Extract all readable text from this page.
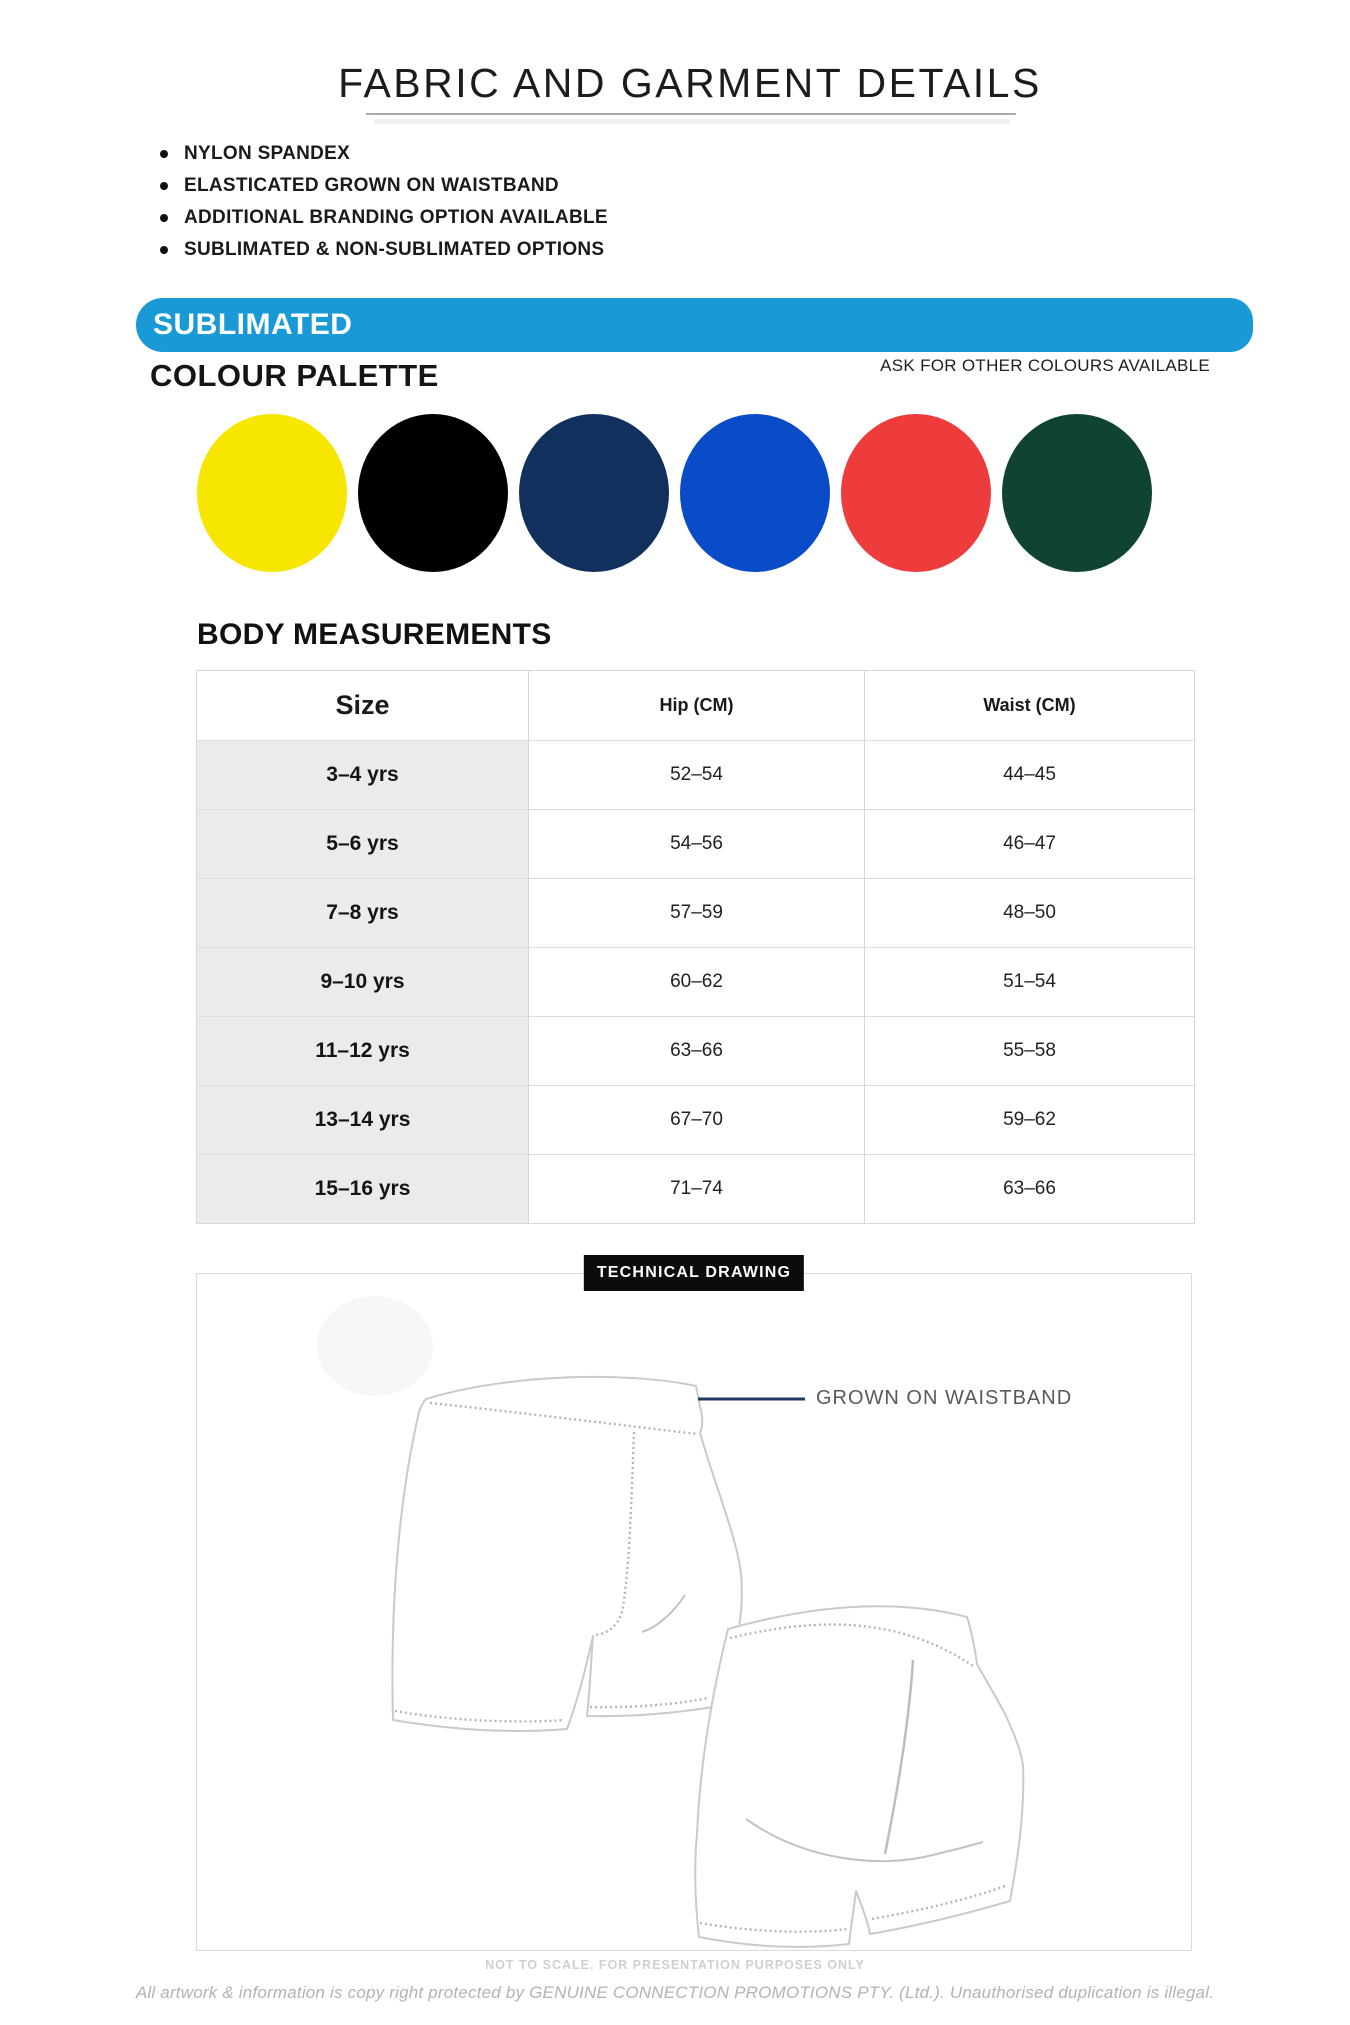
FABRIC AND GARMENT DETAILS
NYLON SPANDEX
ELASTICATED GROWN ON WAISTBAND
ADDITIONAL BRANDING OPTION AVAILABLE
SUBLIMATED & NON-SUBLIMATED OPTIONS
SUBLIMATED
COLOUR PALETTE	ASK FOR OTHER COLOURS AVAILABLE
BODY MEASUREMENTS
Size	Hip (CM)	Waist (CM)
3–4 yrs	52–54	44–45
5–6 yrs	54–56	46–47
7–8 yrs	57–59	48–50
9–10 yrs	60–62	51–54
11–12 yrs	63–66	55–58
13–14 yrs	67–70	59–62
15–16 yrs	71–74	63–66
TECHNICAL DRAWING
GROWN ON WAISTBAND
NOT TO SCALE. FOR PRESENTATION PURPOSES ONLY
All artwork & information is copy right protected by GENUINE CONNECTION PROMOTIONS PTY. (Ltd.). Unauthorised duplication is illegal.
